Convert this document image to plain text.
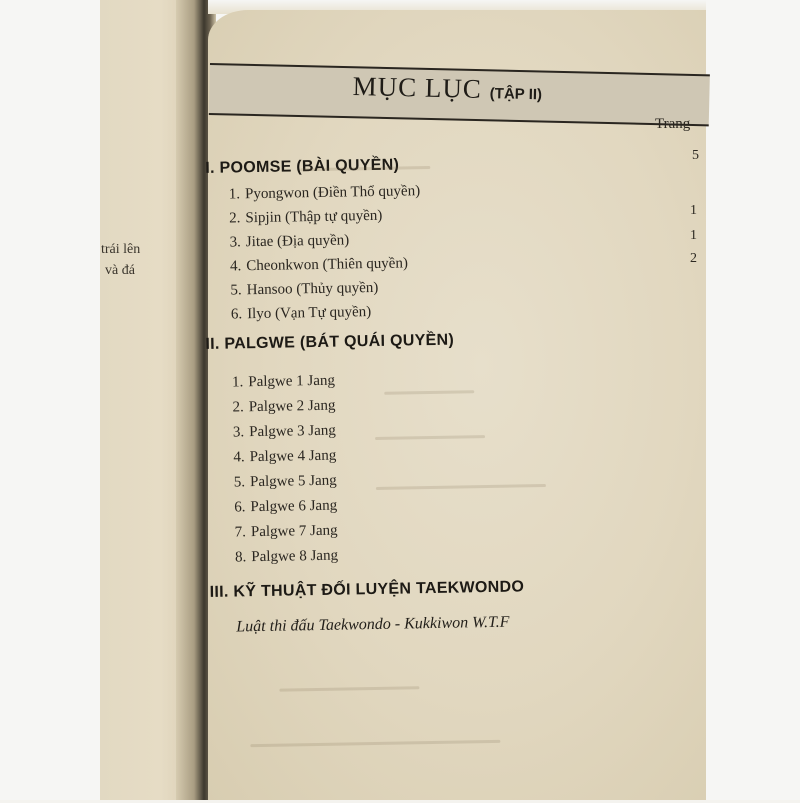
trái lên
và đá
MỤC LỤC (TẬP II)
Trang
I. POOMSE (BÀI QUYỀN)
1. Pyongwon (Điền Thổ quyền)
2. Sipjin (Thập tự quyền)
3. Jitae (Địa quyền)
4. Cheonkwon (Thiên quyền)
5. Hansoo (Thủy quyền)
6. Ilyo (Vạn Tự quyền)
II. PALGWE (BÁT QUÁI QUYỀN)
1. Palgwe 1 Jang
2. Palgwe 2 Jang
3. Palgwe 3 Jang
4. Palgwe 4 Jang
5. Palgwe 5 Jang
6. Palgwe 6 Jang
7. Palgwe 7 Jang
8. Palgwe 8 Jang
III. KỸ THUẬT ĐỐI LUYỆN TAEKWONDO
Luật thi đấu Taekwondo - Kukkiwon W.T.F
5
1
1
2
